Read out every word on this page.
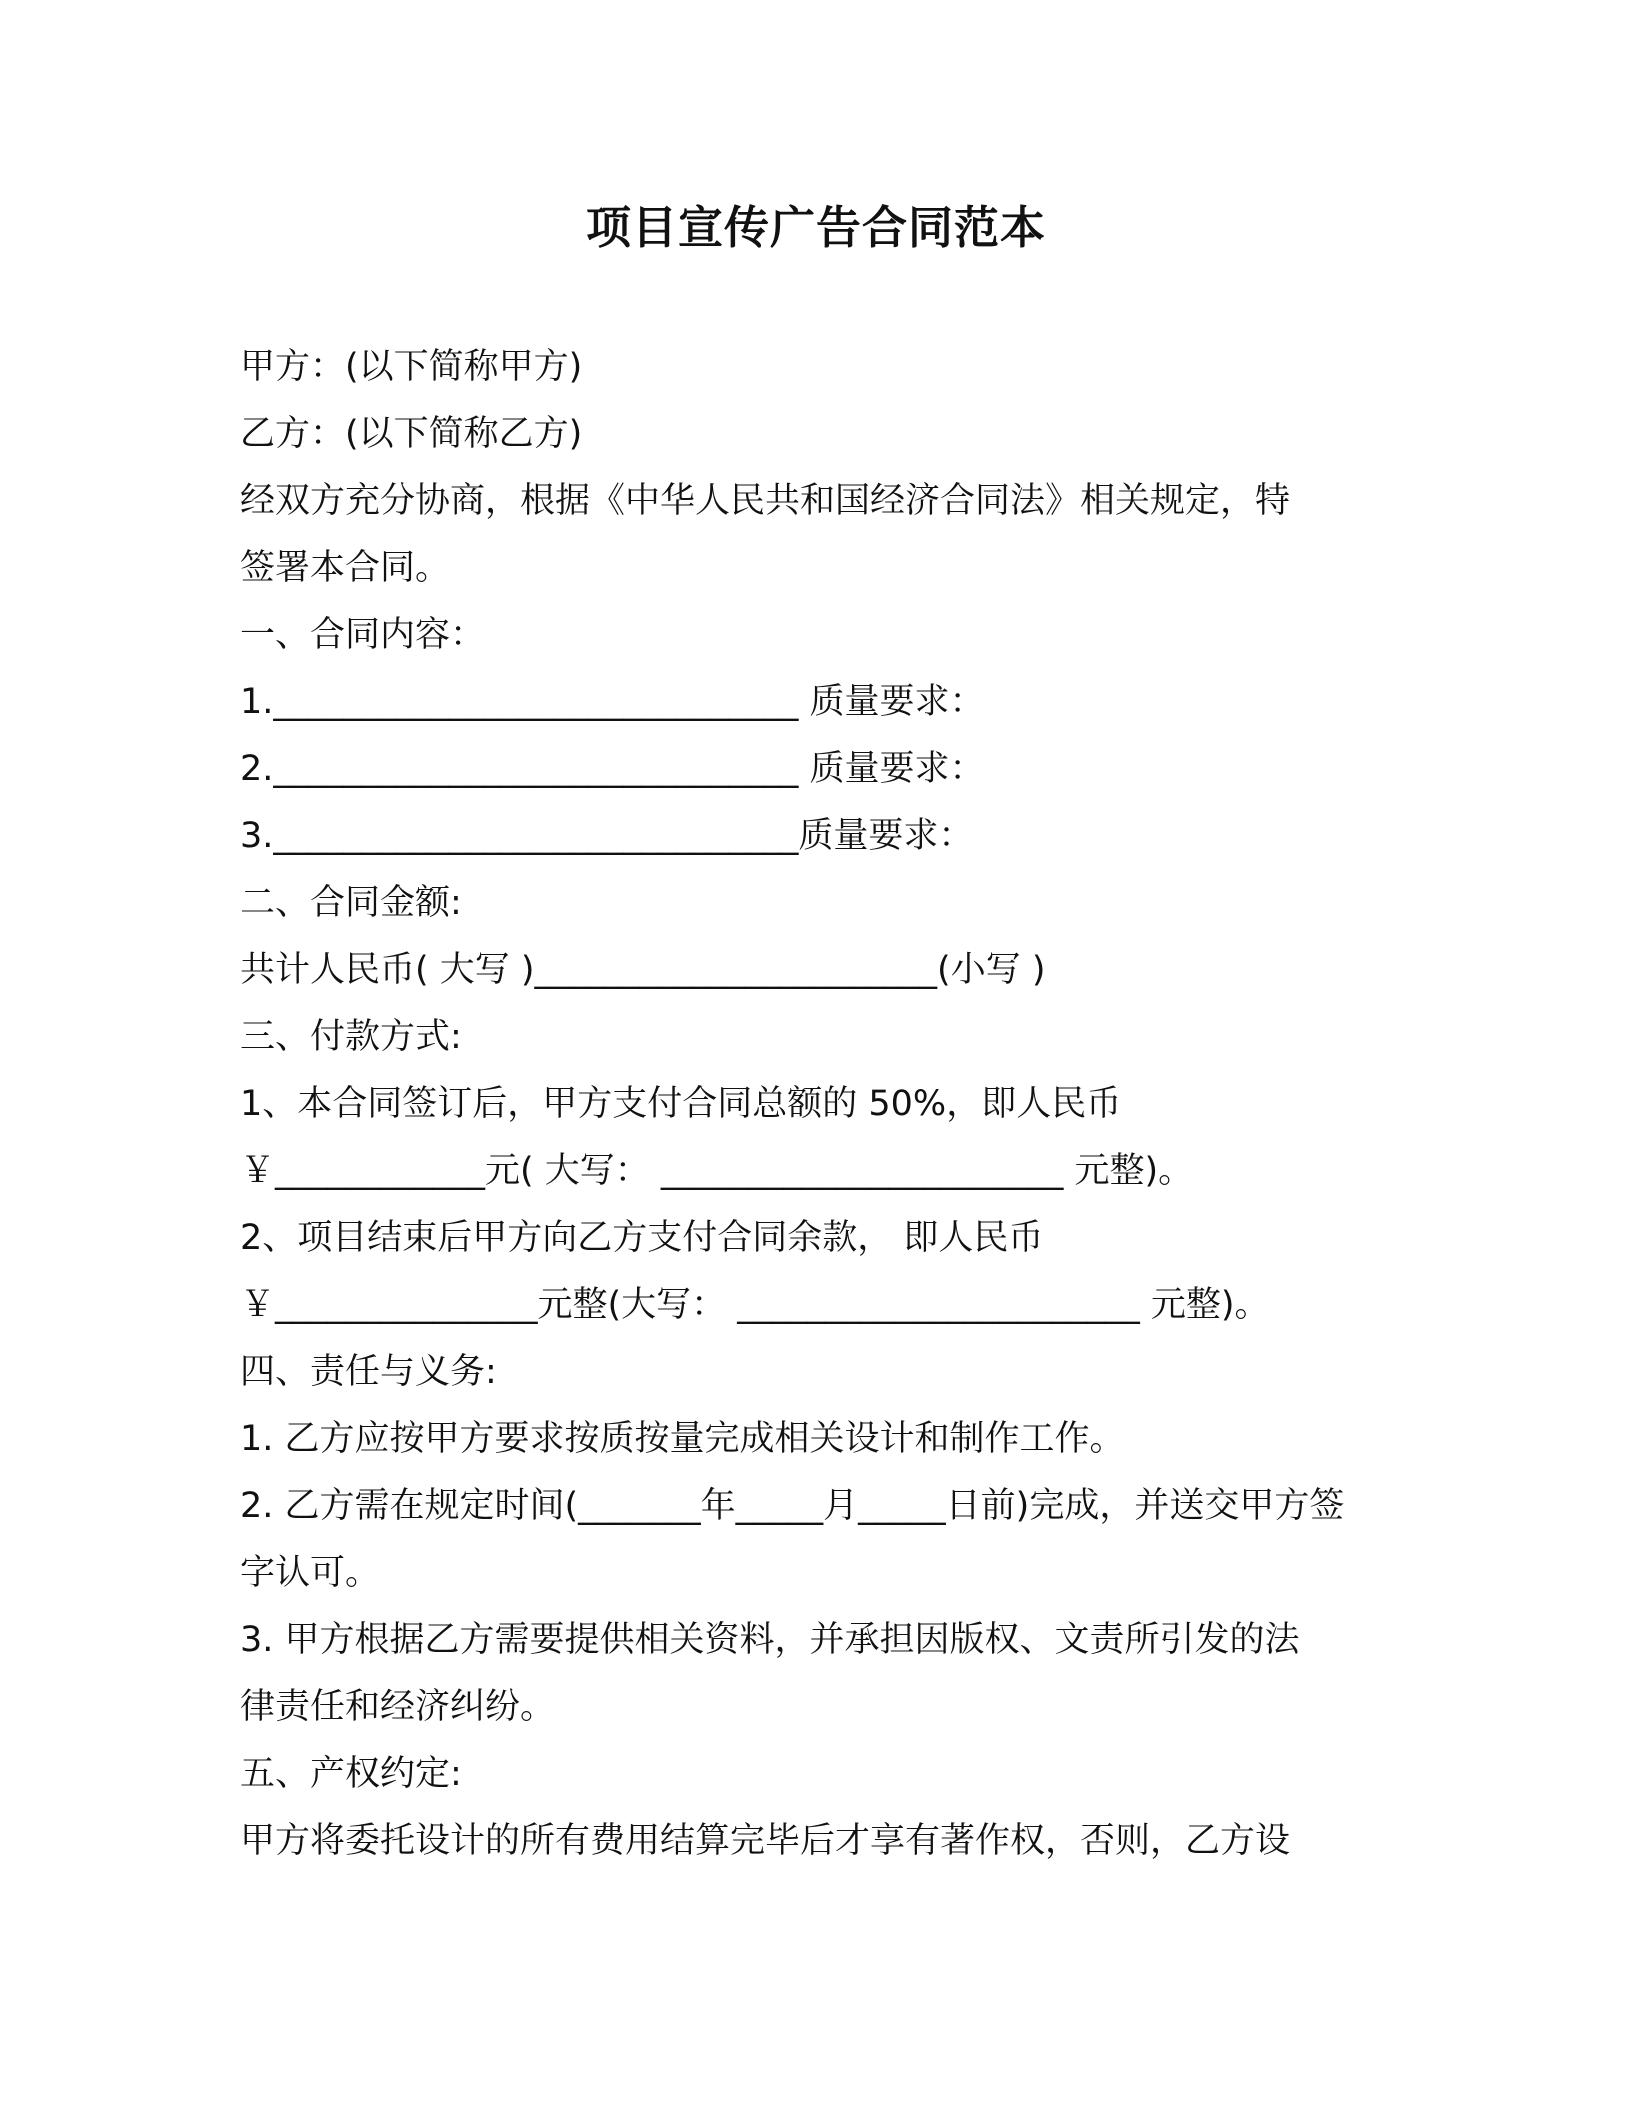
项目宣传广告合同范本
甲方：(以下简称甲方)
乙方：(以下简称乙方)
经双方充分协商，根据《中华人民共和国经济合同法》相关规定，特
签署本合同。
一、合同内容：
1.______________________________ 质量要求：
2.______________________________ 质量要求：
3.______________________________质量要求：
二、合同金额:
共计人民币( 大写 )_______________________(小写 )
三、付款方式:
1、本合同签订后，甲方支付合同总额的 50%，即人民币
￥____________元( 大写： _______________________ 元整)。
2、项目结束后甲方向乙方支付合同余款， 即人民币
￥_______________元整(大写： _______________________ 元整)。
四、责任与义务:
1. 乙方应按甲方要求按质按量完成相关设计和制作工作。
2. 乙方需在规定时间(_______年_____月_____日前)完成，并送交甲方签
字认可。
3. 甲方根据乙方需要提供相关资料，并承担因版权、文责所引发的法
律责任和经济纠纷。
五、产权约定:
甲方将委托设计的所有费用结算完毕后才享有著作权，否则，乙方设
